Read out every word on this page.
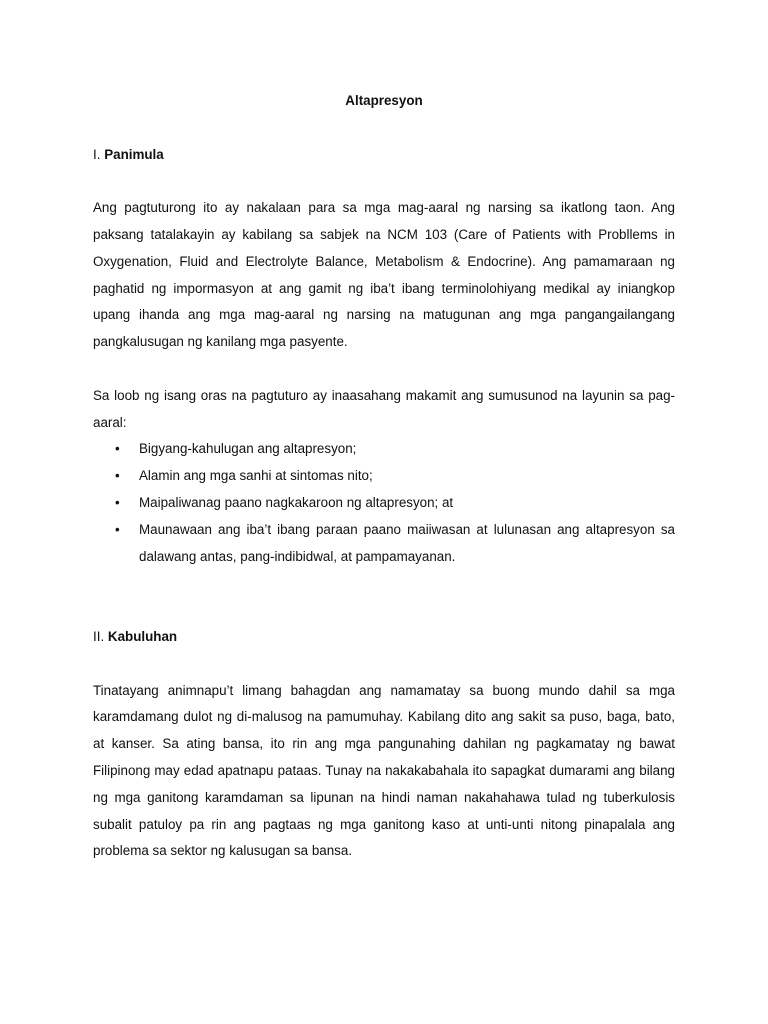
Altapresyon
I. Panimula

Ang pagtuturong ito ay nakalaan para sa mga mag-aaral ng narsing sa ikatlong taon. Ang paksang tatalakayin ay kabilang sa sabjek na NCM 103 (Care of Patients with Probllems in Oxygenation, Fluid and Electrolyte Balance, Metabolism & Endocrine). Ang pamamaraan ng paghatid ng impormasyon at ang gamit ng iba’t ibang terminolohiyang medikal ay iniangkop upang ihanda ang mga mag-aaral ng narsing na matugunan ang mga pangangailangang pangkalusugan ng kanilang mga pasyente.

Sa loob ng isang oras na pagtuturo ay inaasahang makamit ang sumusunod na layunin sa pag-aaral:

• Bigyang-kahulugan ang altapresyon;
• Alamin ang mga sanhi at sintomas nito;
• Maipaliwanag paano nagkakaroon ng altapresyon; at
• Maunawaan ang iba’t ibang paraan paano maiiwasan at lulunasan ang altapresyon sa dalawang antas, pang-indibidwal, at pampamayanan.
II. Kabuluhan

Tinatayang animnapu’t limang bahagdan ang namamatay sa buong mundo dahil sa mga karamdamang dulot ng di-malusog na pamumuhay. Kabilang dito ang sakit sa puso, baga, bato, at kanser. Sa ating bansa, ito rin ang mga pangunahing dahilan ng pagkamatay ng bawat Filipinong may edad apatnapu pataas. Tunay na nakakabahala ito sapagkat dumarami ang bilang ng mga ganitong karamdaman sa lipunan na hindi naman nakahahawa tulad ng tuberkulosis subalit patuloy pa rin ang pagtaas ng mga ganitong kaso at unti-unti nitong pinapalala ang problema sa sektor ng kalusugan sa bansa.
